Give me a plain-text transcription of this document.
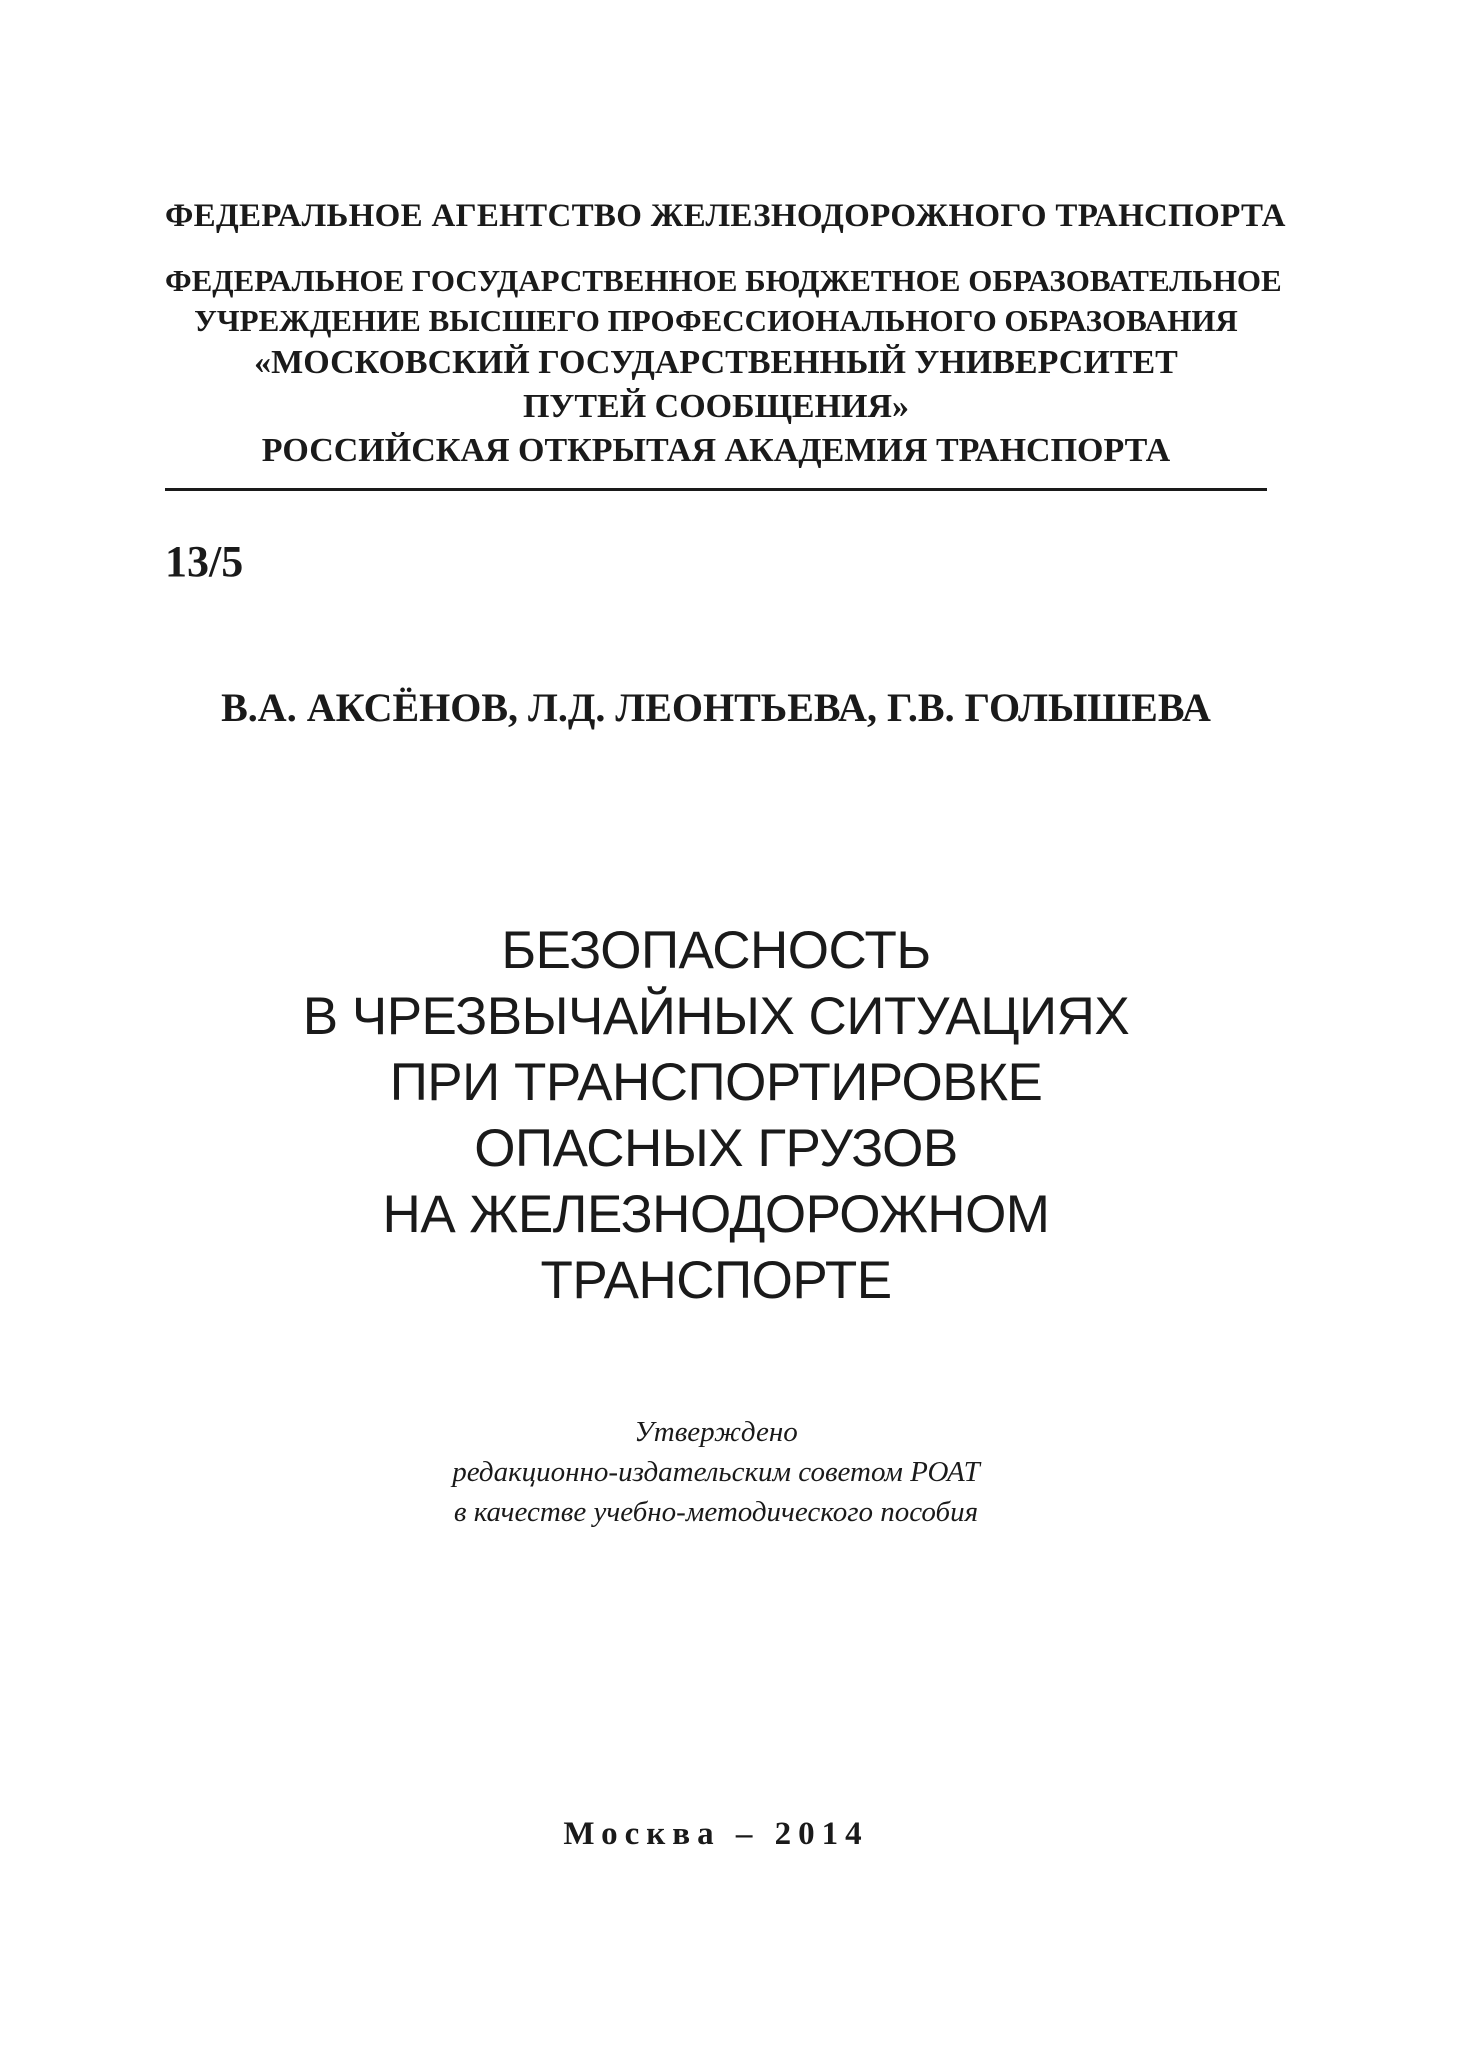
ФЕДЕРАЛЬНОЕ АГЕНТСТВО ЖЕЛЕЗНОДОРОЖНОГО ТРАНСПОРТА
ФЕДЕРАЛЬНОЕ ГОСУДАРСТВЕННОЕ БЮДЖЕТНОЕ ОБРАЗОВАТЕЛЬНОЕ
УЧРЕЖДЕНИЕ ВЫСШЕГО ПРОФЕССИОНАЛЬНОГО ОБРАЗОВАНИЯ
«МОСКОВСКИЙ ГОСУДАРСТВЕННЫЙ УНИВЕРСИТЕТ
ПУТЕЙ СООБЩЕНИЯ»
РОССИЙСКАЯ ОТКРЫТАЯ АКАДЕМИЯ ТРАНСПОРТА
13/5
В.А. АКСЁНОВ, Л.Д. ЛЕОНТЬЕВА, Г.В. ГОЛЫШЕВА
БЕЗОПАСНОСТЬ
В ЧРЕЗВЫЧАЙНЫХ СИТУАЦИЯХ
ПРИ ТРАНСПОРТИРОВКЕ
ОПАСНЫХ ГРУЗОВ
НА ЖЕЛЕЗНОДОРОЖНОМ
ТРАНСПОРТЕ
Утверждено
редакционно-издательским советом РОАТ
в качестве учебно-методического пособия
Москва – 2014
